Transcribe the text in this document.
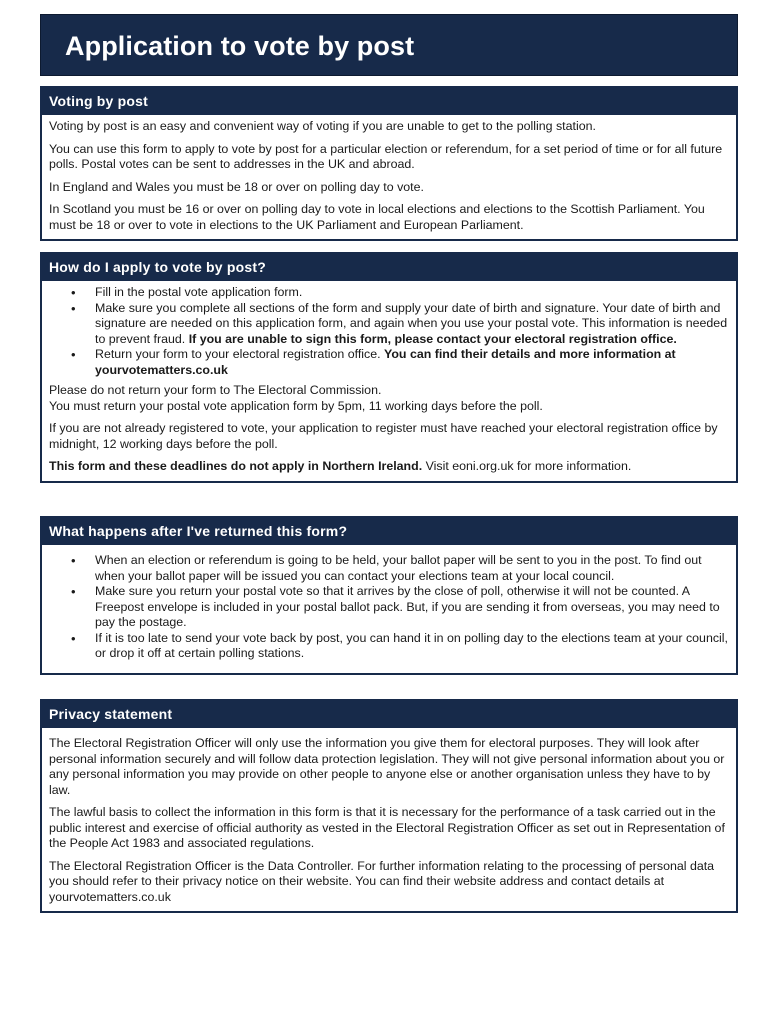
Application to vote by post
Voting by post

Voting by post is an easy and convenient way of voting if you are unable to get to the polling station.

You can use this form to apply to vote by post for a particular election or referendum, for a set period of time or for all future polls. Postal votes can be sent to addresses in the UK and abroad.

In England and Wales you must be 18 or over on polling day to vote.

In Scotland you must be 16 or over on polling day to vote in local elections and elections to the Scottish Parliament. You must be 18 or over to vote in elections to the UK Parliament and European Parliament.

How do I apply to vote by post?
• Fill in the postal vote application form.
• Make sure you complete all sections of the form and supply your date of birth and signature. Your date of birth and signature are needed on this application form, and again when you use your postal vote. This information is needed to prevent fraud. If you are unable to sign this form, please contact your electoral registration office.
• Return your form to your electoral registration office. You can find their details and more information at yourvotematters.co.uk

Please do not return your form to The Electoral Commission.
You must return your postal vote application form by 5pm, 11 working days before the poll.

If you are not already registered to vote, your application to register must have reached your electoral registration office by midnight, 12 working days before the poll.

This form and these deadlines do not apply in Northern Ireland. Visit eoni.org.uk for more information.

What happens after I've returned this form?
• When an election or referendum is going to be held, your ballot paper will be sent to you in the post. To find out when your ballot paper will be issued you can contact your elections team at your local council.
• Make sure you return your postal vote so that it arrives by the close of poll, otherwise it will not be counted. A Freepost envelope is included in your postal ballot pack. But, if you are sending it from overseas, you may need to pay the postage.
• If it is too late to send your vote back by post, you can hand it in on polling day to the elections team at your council, or drop it off at certain polling stations.
Privacy statement

The Electoral Registration Officer will only use the information you give them for electoral purposes. They will look after personal information securely and will follow data protection legislation. They will not give personal information about you or any personal information you may provide on other people to anyone else or another organisation unless they have to by law.

The lawful basis to collect the information in this form is that it is necessary for the performance of a task carried out in the public interest and exercise of official authority as vested in the Electoral Registration Officer as set out in Representation of the People Act 1983 and associated regulations.

The Electoral Registration Officer is the Data Controller. For further information relating to the processing of personal data you should refer to their privacy notice on their website. You can find their website address and contact details at yourvotematters.co.uk
